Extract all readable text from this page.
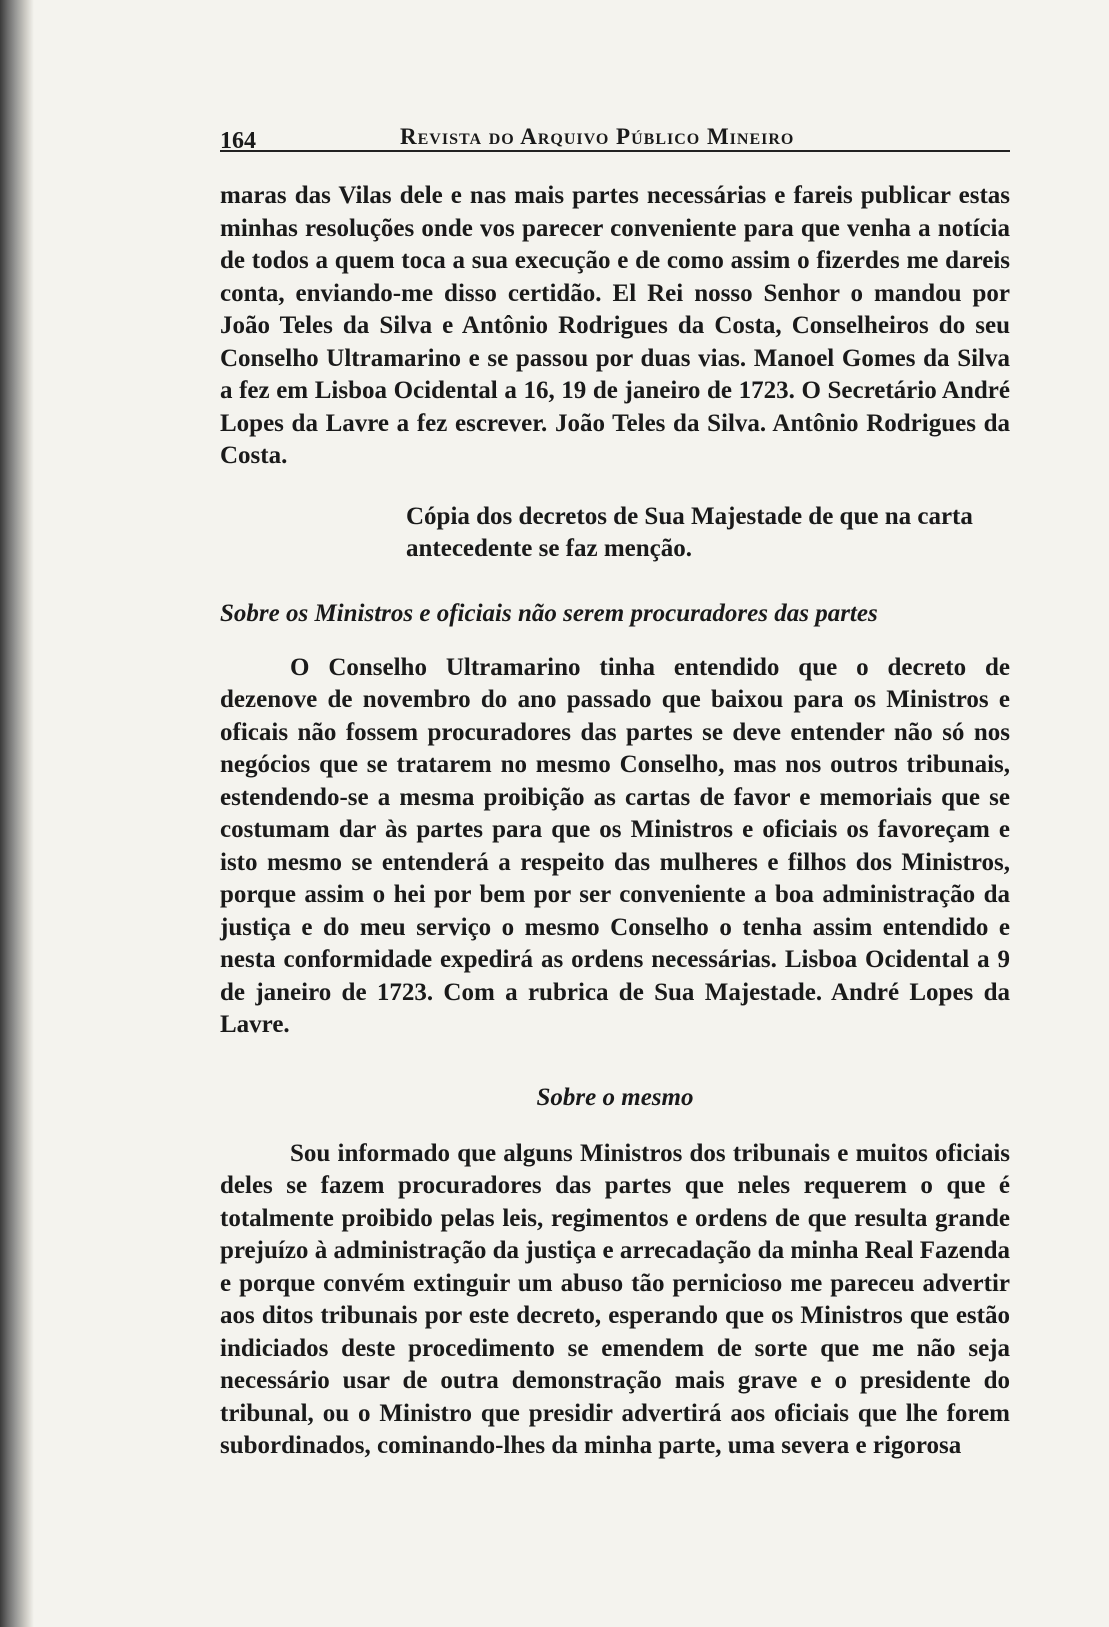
164	Revista do Arquivo Público Mineiro

maras das Vilas dele e nas mais partes necessárias e fareis publicar estas minhas resoluções onde vos parecer conveniente para que venha a notícia de todos a quem toca a sua execução e de como assim o fizerdes me dareis conta, enviando-me disso certidão. El Rei nosso Senhor o mandou por João Teles da Silva e Antônio Rodrigues da Costa, Conselheiros do seu Conselho Ultramarino e se passou por duas vias. Manoel Gomes da Silva a fez em Lisboa Ocidental a 16, 19 de janeiro de 1723. O Secretário André Lopes da Lavre a fez escrever. João Teles da Silva. Antônio Rodrigues da Costa.

Cópia dos decretos de Sua Majestade de que na carta antecedente se faz menção.

Sobre os Ministros e oficiais não serem procuradores das partes

O Conselho Ultramarino tinha entendido que o decreto de dezenove de novembro do ano passado que baixou para os Ministros e oficais não fossem procuradores das partes se deve entender não só nos negócios que se tratarem no mesmo Conselho, mas nos outros tribunais, estendendo-se a mesma proibição as cartas de favor e memoriais que se costumam dar às partes para que os Ministros e oficiais os favoreçam e isto mesmo se entenderá a respeito das mulheres e filhos dos Ministros, porque assim o hei por bem por ser conveniente a boa administração da justiça e do meu serviço o mesmo Conselho o tenha assim entendido e nesta conformidade expedirá as ordens necessárias. Lisboa Ocidental a 9 de janeiro de 1723. Com a rubrica de Sua Majestade. André Lopes da Lavre.

Sobre o mesmo

Sou informado que alguns Ministros dos tribunais e muitos oficiais deles se fazem procuradores das partes que neles requerem o que é totalmente proibido pelas leis, regimentos e ordens de que resulta grande prejuízo à administração da justiça e arrecadação da minha Real Fazenda e porque convém extinguir um abuso tão pernicioso me pareceu advertir aos ditos tribunais por este decreto, esperando que os Ministros que estão indiciados deste procedimento se emendem de sorte que me não seja necessário usar de outra demonstração mais grave e o presidente do tribunal, ou o Ministro que presidir advertirá aos oficiais que lhe forem subordinados, cominando-lhes da minha parte, uma severa e rigorosa
